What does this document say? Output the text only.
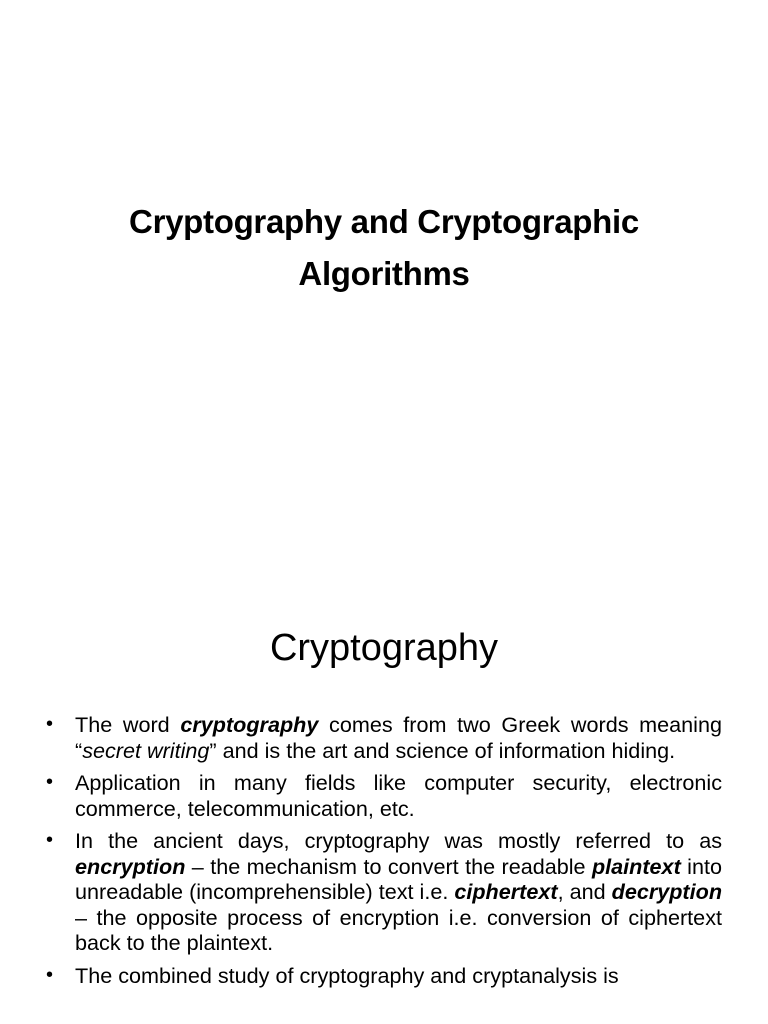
Cryptography and Cryptographic
Algorithms
Cryptography
•	The word cryptography comes from two Greek words meaning “secret writing” and is the art and science of information hiding.
•	Application in many fields like computer security, electronic commerce, telecommunication, etc.
•	In the ancient days, cryptography was mostly referred to as encryption – the mechanism to convert the readable plaintext into unreadable (incomprehensible) text i.e. ciphertext, and decryption – the opposite process of encryption i.e. conversion of ciphertext back to the plaintext.
•	The combined study of cryptography and cryptanalysis is
